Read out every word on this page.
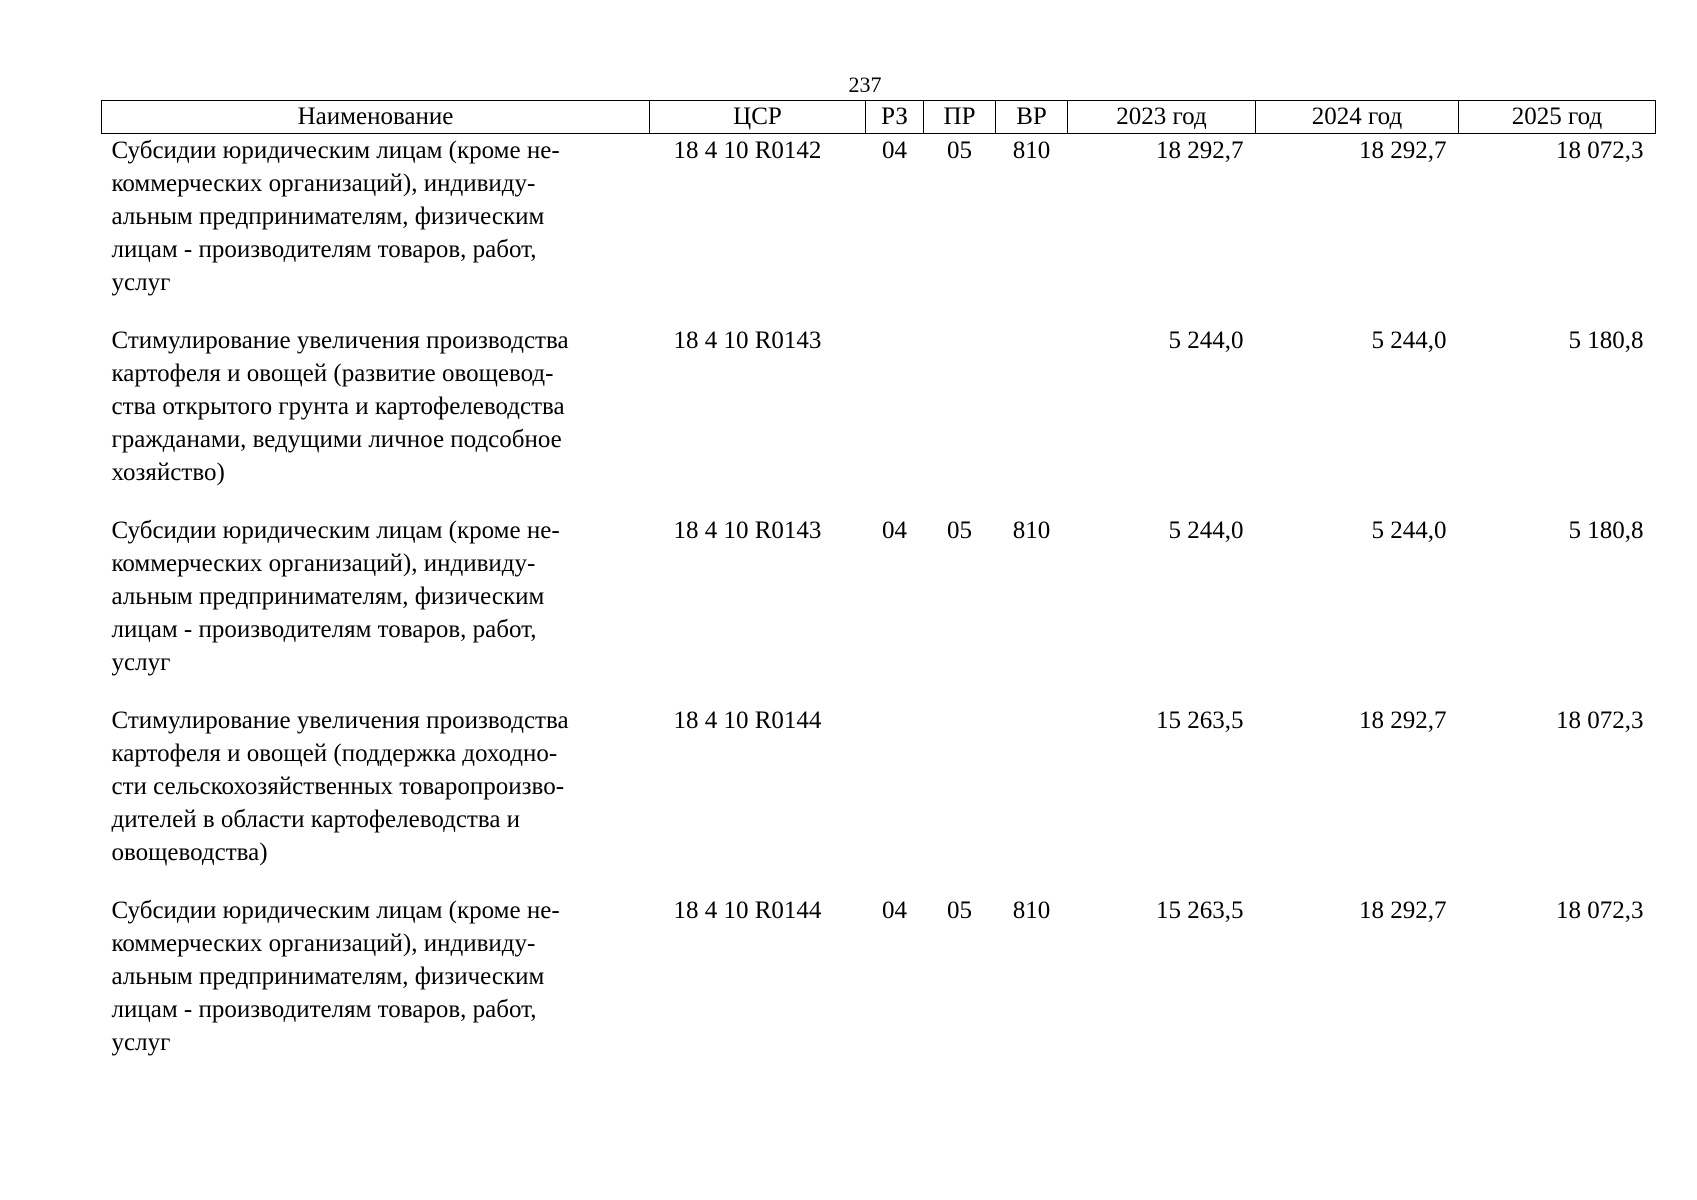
237
Наименование	ЦСР	РЗ	ПР	ВР	2023 год	2024 год	2025 год

Субсидии юридическим лицам (кроме не-
коммерческих организаций), индивиду-
альным предпринимателям, физическим
лицам - производителям товаров, работ,
услуг	18 4 10 R0142	04	05	810	18 292,7	18 292,7	18 072,3

Стимулирование увеличения производства
картофеля и овощей (развитие овощевод-
ства открытого грунта и картофелеводства
гражданами, ведущими личное подсобное
хозяйство)	18 4 10 R0143				5 244,0	5 244,0	5 180,8

Субсидии юридическим лицам (кроме не-
коммерческих организаций), индивиду-
альным предпринимателям, физическим
лицам - производителям товаров, работ,
услуг	18 4 10 R0143	04	05	810	5 244,0	5 244,0	5 180,8

Стимулирование увеличения производства
картофеля и овощей (поддержка доходно-
сти сельскохозяйственных товаропроизво-
дителей в области картофелеводства и
овощеводства)	18 4 10 R0144				15 263,5	18 292,7	18 072,3

Субсидии юридическим лицам (кроме не-
коммерческих организаций), индивиду-
альным предпринимателям, физическим
лицам - производителям товаров, работ,
услуг	18 4 10 R0144	04	05	810	15 263,5	18 292,7	18 072,3
